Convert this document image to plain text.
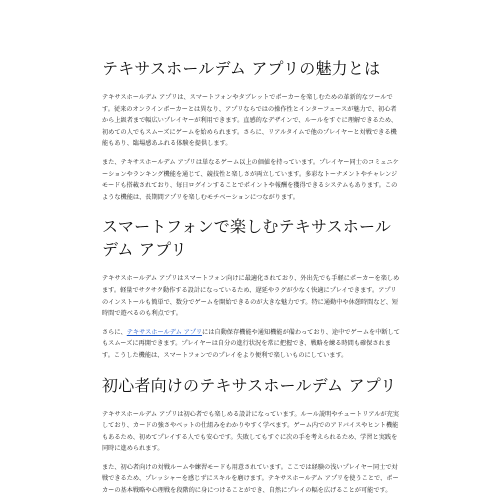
テキサスホールデム アプリの魅力とは

テキサスホールデム アプリは、スマートフォンやタブレットでポーカーを楽しむための革新的なツールです。従来のオンラインポーカーとは異なり、アプリならではの操作性とインターフェースが魅力で、初心者から上級者まで幅広いプレイヤーが利用できます。直感的なデザインで、ルールをすぐに理解できるため、初めての人でもスムーズにゲームを始められます。さらに、リアルタイムで他のプレイヤーと対戦できる機能もあり、臨場感あふれる体験を提供します。

また、テキサスホールデム アプリは単なるゲーム以上の価値を持っています。プレイヤー同士のコミュニケーションやランキング機能を通じて、競技性と楽しさが両立しています。多彩なトーナメントやチャレンジモードも搭載されており、毎日ログインすることでポイントや報酬を獲得できるシステムもあります。このような機能は、長期間アプリを楽しむモチベーションにつながります。

スマートフォンで楽しむテキサスホールデム アプリ

テキサスホールデム アプリはスマートフォン向けに最適化されており、外出先でも手軽にポーカーを楽しめます。軽量でサクサク動作する設計になっているため、遅延やラグが少なく快適にプレイできます。アプリのインストールも簡単で、数分でゲームを開始できるのが大きな魅力です。特に通勤中や休憩時間など、短時間で遊べるのも利点です。

さらに、テキサスホールデム アプリには自動保存機能や通知機能が備わっており、途中でゲームを中断してもスムーズに再開できます。プレイヤーは自分の進行状況を常に把握でき、戦略を練る時間も確保されます。こうした機能は、スマートフォンでのプレイをより便利で楽しいものにしています。

初心者向けのテキサスホールデム アプリ

テキサスホールデム アプリは初心者でも楽しめる設計になっています。ルール説明やチュートリアルが充実しており、カードの強さやベットの仕組みをわかりやすく学べます。ゲーム内でのアドバイスやヒント機能もあるため、初めてプレイする人でも安心です。失敗してもすぐに次の手を考えられるため、学習と実践を同時に進められます。

また、初心者向けの対戦ルームや練習モードも用意されています。ここでは経験の浅いプレイヤー同士で対戦できるため、プレッシャーを感じずにスキルを磨けます。テキサスホールデム アプリを使うことで、ポーカーの基本戦略や心理戦を段階的に身につけることができ、自然にプレイの幅を広げることが可能です。
